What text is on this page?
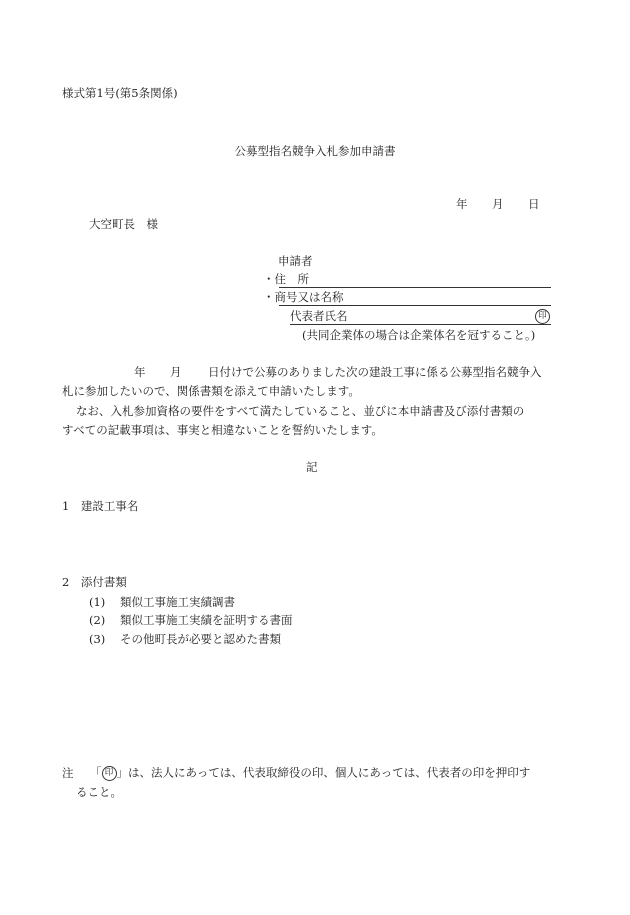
様式第1号(第5条関係)
公募型指名競争入札参加申請書
年 月 日
大空町長　様
申請者
・住　所
・商号又は名称
代表者氏名	印
(共同企業体の場合は企業体名を冠すること。)
年 月 日付けで公募のありました次の建設工事に係る公募型指名競争入
札に参加したいので、関係書類を添えて申請いたします。
なお、入札参加資格の要件をすべて満たしていること、並びに本申請書及び添付書類の
すべての記載事項は、事実と相違ないことを誓約いたします。
記
1　建設工事名
2　添付書類
(1) 類似工事施工実績調書
(2) 類似工事施工実績を証明する書面
(3) その他町長が必要と認めた書類
注 「 印 」は、法人にあっては、代表取締役の印、個人にあっては、代表者の印を押印す
ること。
